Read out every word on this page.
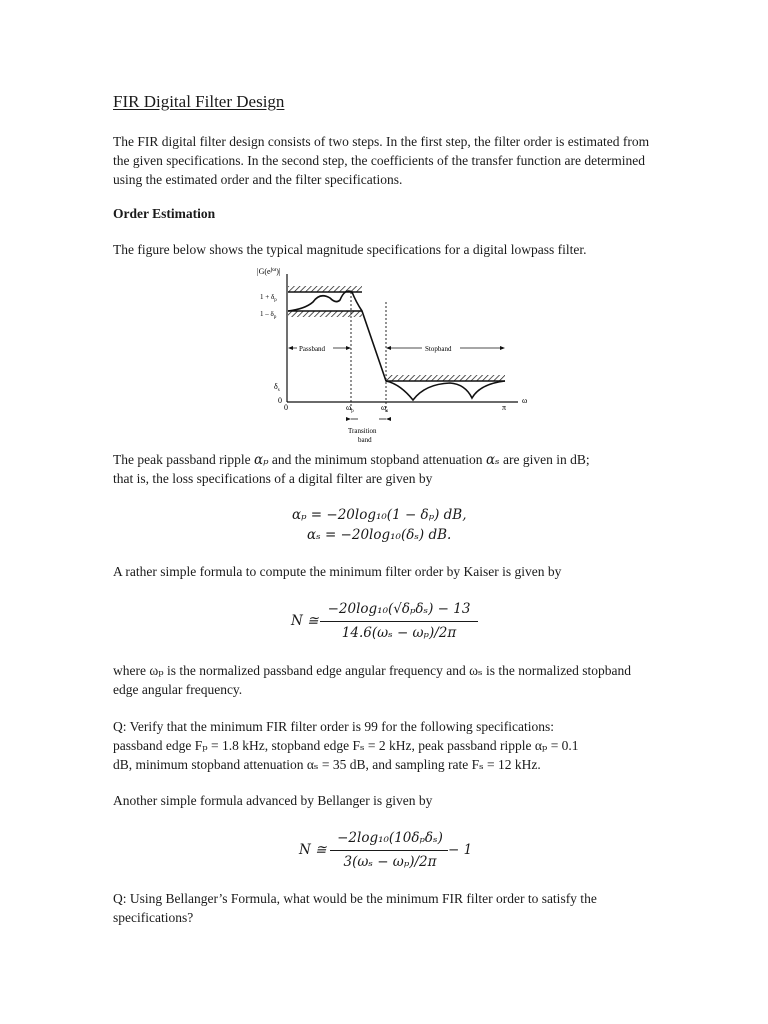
FIR Digital Filter Design
The FIR digital filter design consists of two steps. In the first step, the filter order is estimated from the given specifications. In the second step, the coefficients of the transfer function are determined using the estimated order and the filter specifications.
Order Estimation
The figure below shows the typical magnitude specifications for a digital lowpass filter.
$|G(e^{j\omega})|$
$1 + \delta_p$
$1 - \delta_p$
$\delta_s$
0
Passband	Stopband
0	$\omega_p$	$\omega_s$	π
ω
Transition
band
The peak passband ripple αₚ and the minimum stopband attenuation αₛ are given in dB;
that is, the loss specifications of a digital filter are given by
αₚ = −20log₁₀(1 − δₚ) dB,
αₛ = −20log₁₀(δₛ) dB.
A rather simple formula to compute the minimum filter order by Kaiser is given by
N ≅
−20log₁₀(√δₚδₛ) − 13
14.6(ωₛ − ωₚ)/2π
where ωₚ is the normalized passband edge angular frequency and ωₛ is the normalized stopband edge angular frequency.
Q: Verify that the minimum FIR filter order is 99 for the following specifications:
passband edge Fₚ = 1.8 kHz, stopband edge Fₛ = 2 kHz, peak passband ripple αₚ = 0.1
dB, minimum stopband attenuation αₛ = 35 dB, and sampling rate Fₛ = 12 kHz.
Another simple formula advanced by Bellanger is given by
N ≅
−2log₁₀(10δₚδₛ)
3(ωₛ − ωₚ)/2π
− 1
Q: Using Bellanger’s Formula, what would be the minimum FIR filter order to satisfy the specifications?
